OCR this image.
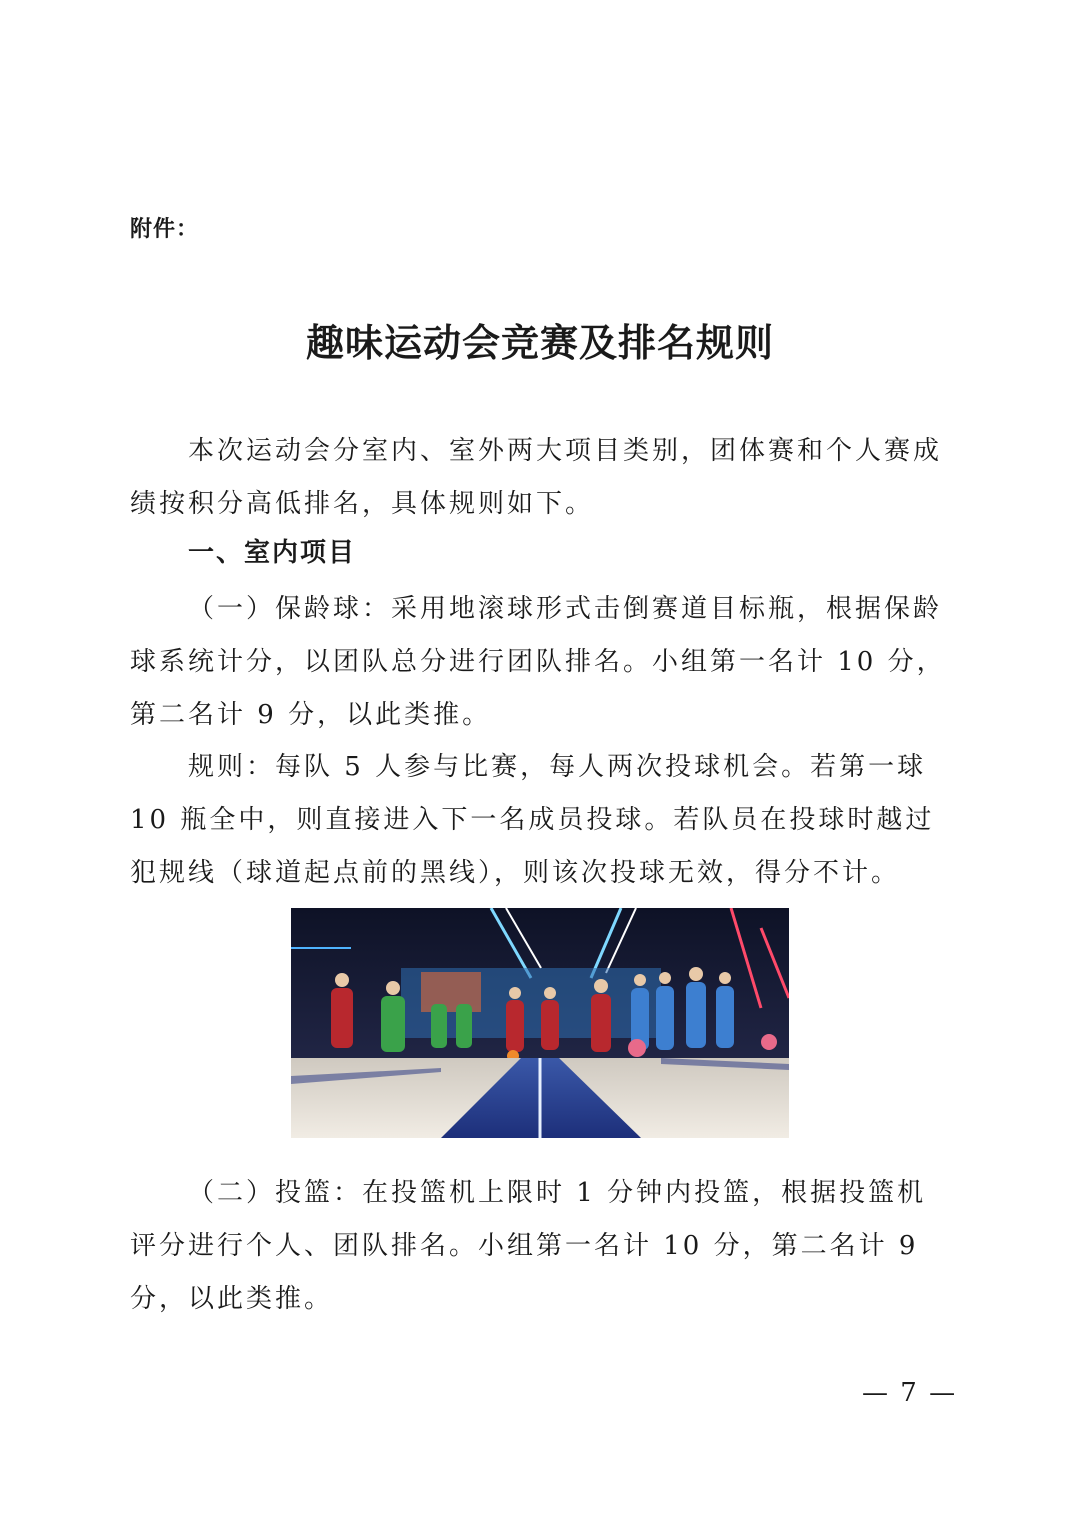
附件：
趣味运动会竞赛及排名规则

本次运动会分室内、室外两大项目类别，团体赛和个人赛成绩按积分高低排名，具体规则如下。

一、室内项目

（一）保龄球：采用地滚球形式击倒赛道目标瓶，根据保龄球系统计分，以团队总分进行团队排名。小组第一名计 10 分，第二名计 9 分，以此类推。

规则：每队 5 人参与比赛，每人两次投球机会。若第一球 10 瓶全中，则直接进入下一名成员投球。若队员在投球时越过犯规线（球道起点前的黑线），则该次投球无效，得分不计。

（二）投篮：在投篮机上限时 1 分钟内投篮，根据投篮机评分进行个人、团队排名。小组第一名计 10 分，第二名计 9 分，以此类推。

— 7 —
